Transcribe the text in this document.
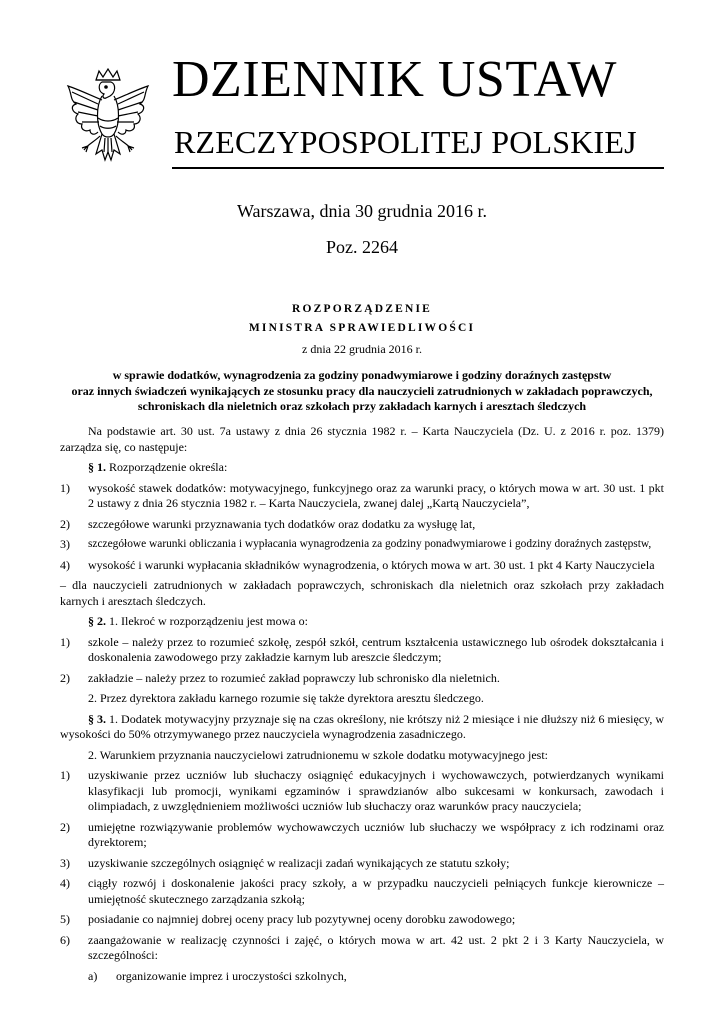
DZIENNIK USTAW
RZECZYPOSPOLITEJ POLSKIEJ
Warszawa, dnia 30 grudnia 2016 r.
Poz. 2264
ROZPORZĄDZENIE
MINISTRA SPRAWIEDLIWOŚCI
z dnia 22 grudnia 2016 r.
w sprawie dodatków, wynagrodzenia za godziny ponadwymiarowe i godziny doraźnych zastępstw
oraz innych świadczeń wynikających ze stosunku pracy dla nauczycieli zatrudnionych w zakładach poprawczych,
schroniskach dla nieletnich oraz szkołach przy zakładach karnych i aresztach śledczych

Na podstawie art. 30 ust. 7a ustawy z dnia 26 stycznia 1982 r. – Karta Nauczyciela (Dz. U. z 2016 r. poz. 1379) zarządza się, co następuje:

§ 1. Rozporządzenie określa:

1) wysokość stawek dodatków: motywacyjnego, funkcyjnego oraz za warunki pracy, o których mowa w art. 30 ust. 1 pkt 2 ustawy z dnia 26 stycznia 1982 r. – Karta Nauczyciela, zwanej dalej „Kartą Nauczyciela”,
2) szczegółowe warunki przyznawania tych dodatków oraz dodatku za wysługę lat,
3) szczegółowe warunki obliczania i wypłacania wynagrodzenia za godziny ponadwymiarowe i godziny doraźnych zastępstw,
4) wysokość i warunki wypłacania składników wynagrodzenia, o których mowa w art. 30 ust. 1 pkt 4 Karty Nauczyciela

– dla nauczycieli zatrudnionych w zakładach poprawczych, schroniskach dla nieletnich oraz szkołach przy zakładach karnych i aresztach śledczych.

§ 2. 1. Ilekroć w rozporządzeniu jest mowa o:

1) szkole – należy przez to rozumieć szkołę, zespół szkół, centrum kształcenia ustawicznego lub ośrodek dokształcania i doskonalenia zawodowego przy zakładzie karnym lub areszcie śledczym;
2) zakładzie – należy przez to rozumieć zakład poprawczy lub schronisko dla nieletnich.

2. Przez dyrektora zakładu karnego rozumie się także dyrektora aresztu śledczego.

§ 3. 1. Dodatek motywacyjny przyznaje się na czas określony, nie krótszy niż 2 miesiące i nie dłuższy niż 6 miesięcy, w wysokości do 50% otrzymywanego przez nauczyciela wynagrodzenia zasadniczego.

2. Warunkiem przyznania nauczycielowi zatrudnionemu w szkole dodatku motywacyjnego jest:

1) uzyskiwanie przez uczniów lub słuchaczy osiągnięć edukacyjnych i wychowawczych, potwierdzanych wynikami klasyfikacji lub promocji, wynikami egzaminów i sprawdzianów albo sukcesami w konkursach, zawodach i olimpiadach, z uwzględnieniem możliwości uczniów lub słuchaczy oraz warunków pracy nauczyciela;
2) umiejętne rozwiązywanie problemów wychowawczych uczniów lub słuchaczy we współpracy z ich rodzinami oraz dyrektorem;
3) uzyskiwanie szczególnych osiągnięć w realizacji zadań wynikających ze statutu szkoły;
4) ciągły rozwój i doskonalenie jakości pracy szkoły, a w przypadku nauczycieli pełniących funkcje kierownicze – umiejętność skutecznego zarządzania szkołą;
5) posiadanie co najmniej dobrej oceny pracy lub pozytywnej oceny dorobku zawodowego;
6) zaangażowanie w realizację czynności i zajęć, o których mowa w art. 42 ust. 2 pkt 2 i 3 Karty Nauczyciela, w szczególności:
a) organizowanie imprez i uroczystości szkolnych,
